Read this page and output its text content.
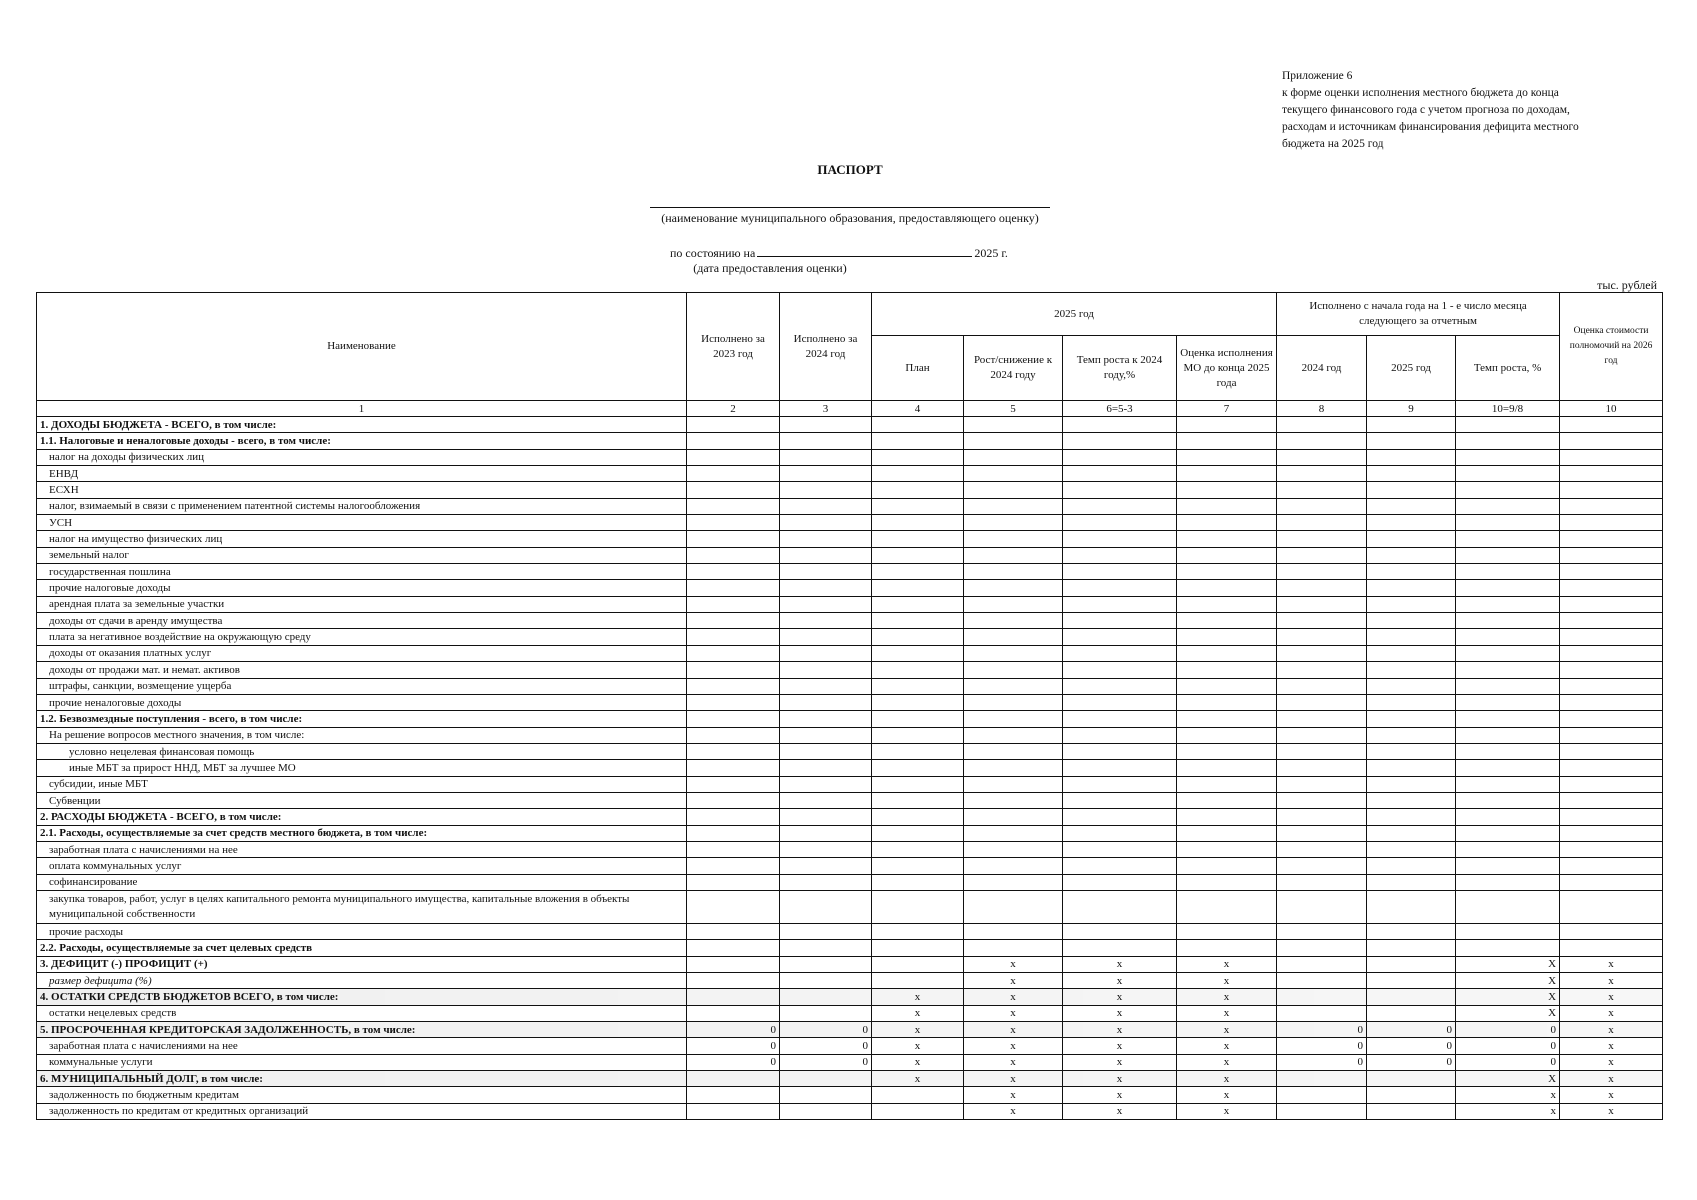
Приложение 6
к форме оценки исполнения местного бюджета до конца
текущего финансового года с учетом прогноза по доходам,
расходам и источникам финансирования дефицита местного
бюджета на 2025 год
ПАСПОРТ
(наименование муниципального образования, предоставляющего оценку)
по состоянию на	2025 г.
(дата предоставления оценки)
тыс. рублей
Наименование	Исполнено за 2023 год	Исполнено за 2024 год	2025 год				Исполнено с начала года на 1 - е число месяца следующего за отчетным			Оценка стоимости полномочий на 2026 год
			План	Рост/снижение к 2024 году	Темп роста к 2024 году,%	Оценка исполнения МО до конца 2025 года	2024 год	2025 год	Темп роста, %	
1	2	3	4	5	6=5-3	7	8	9	10=9/8	10
1. ДОХОДЫ БЮДЖЕТА - ВСЕГО, в том числе:										
1.1. Налоговые и неналоговые доходы - всего, в том числе:										
налог на доходы физических лиц										
ЕНВД										
ЕСХН										
налог, взимаемый в связи с применением патентной системы налогообложения										
УСН										
налог на имущество физических лиц										
земельный налог										
государственная пошлина										
прочие налоговые доходы										
арендная плата за земельные участки										
доходы от сдачи в аренду имущества										
плата за негативное воздействие на окружающую среду										
доходы от оказания платных услуг										
доходы от продажи мат. и немат. активов										
штрафы, санкции, возмещение ущерба										
прочие неналоговые доходы										
1.2. Безвозмездные поступления - всего, в том числе:										
На решение вопросов местного значения, в том числе:										
условно нецелевая финансовая помощь										
иные МБТ за прирост ННД, МБТ за лучшее МО										
субсидии, иные МБТ										
Субвенции										
2. РАСХОДЫ БЮДЖЕТА - ВСЕГО, в том числе:										
2.1. Расходы, осуществляемые за счет средств местного бюджета, в том числе:										
заработная плата с начислениями на нее										
оплата коммунальных услуг										
софинансирование										
закупка товаров, работ, услуг в целях капитального ремонта муниципального имущества, капитальные вложения в объекты муниципальной собственности										
прочие расходы										
2.2. Расходы, осуществляемые за счет целевых средств										
3. ДЕФИЦИТ (-) ПРОФИЦИТ (+)				x	x	x			X	x
размер дефицита (%)				x	x	x			X	x
4. ОСТАТКИ СРЕДСТВ БЮДЖЕТОВ ВСЕГО, в том числе:			x	x	x	x			X	x
остатки нецелевых средств			x	x	x	x			X	x
5. ПРОСРОЧЕННАЯ КРЕДИТОРСКАЯ ЗАДОЛЖЕННОСТЬ, в том числе:	0	0	x	x	x	x	0	0	0	x
заработная плата с начислениями на нее	0	0	x	x	x	x	0	0	0	x
коммунальные услуги	0	0	x	x	x	x	0	0	0	x
6. МУНИЦИПАЛЬНЫЙ ДОЛГ, в том числе:			x	x	x	x			X	x
задолженность по бюджетным кредитам				x	x	x			x	x
задолженность по кредитам от кредитных организаций				x	x	x			x	x
